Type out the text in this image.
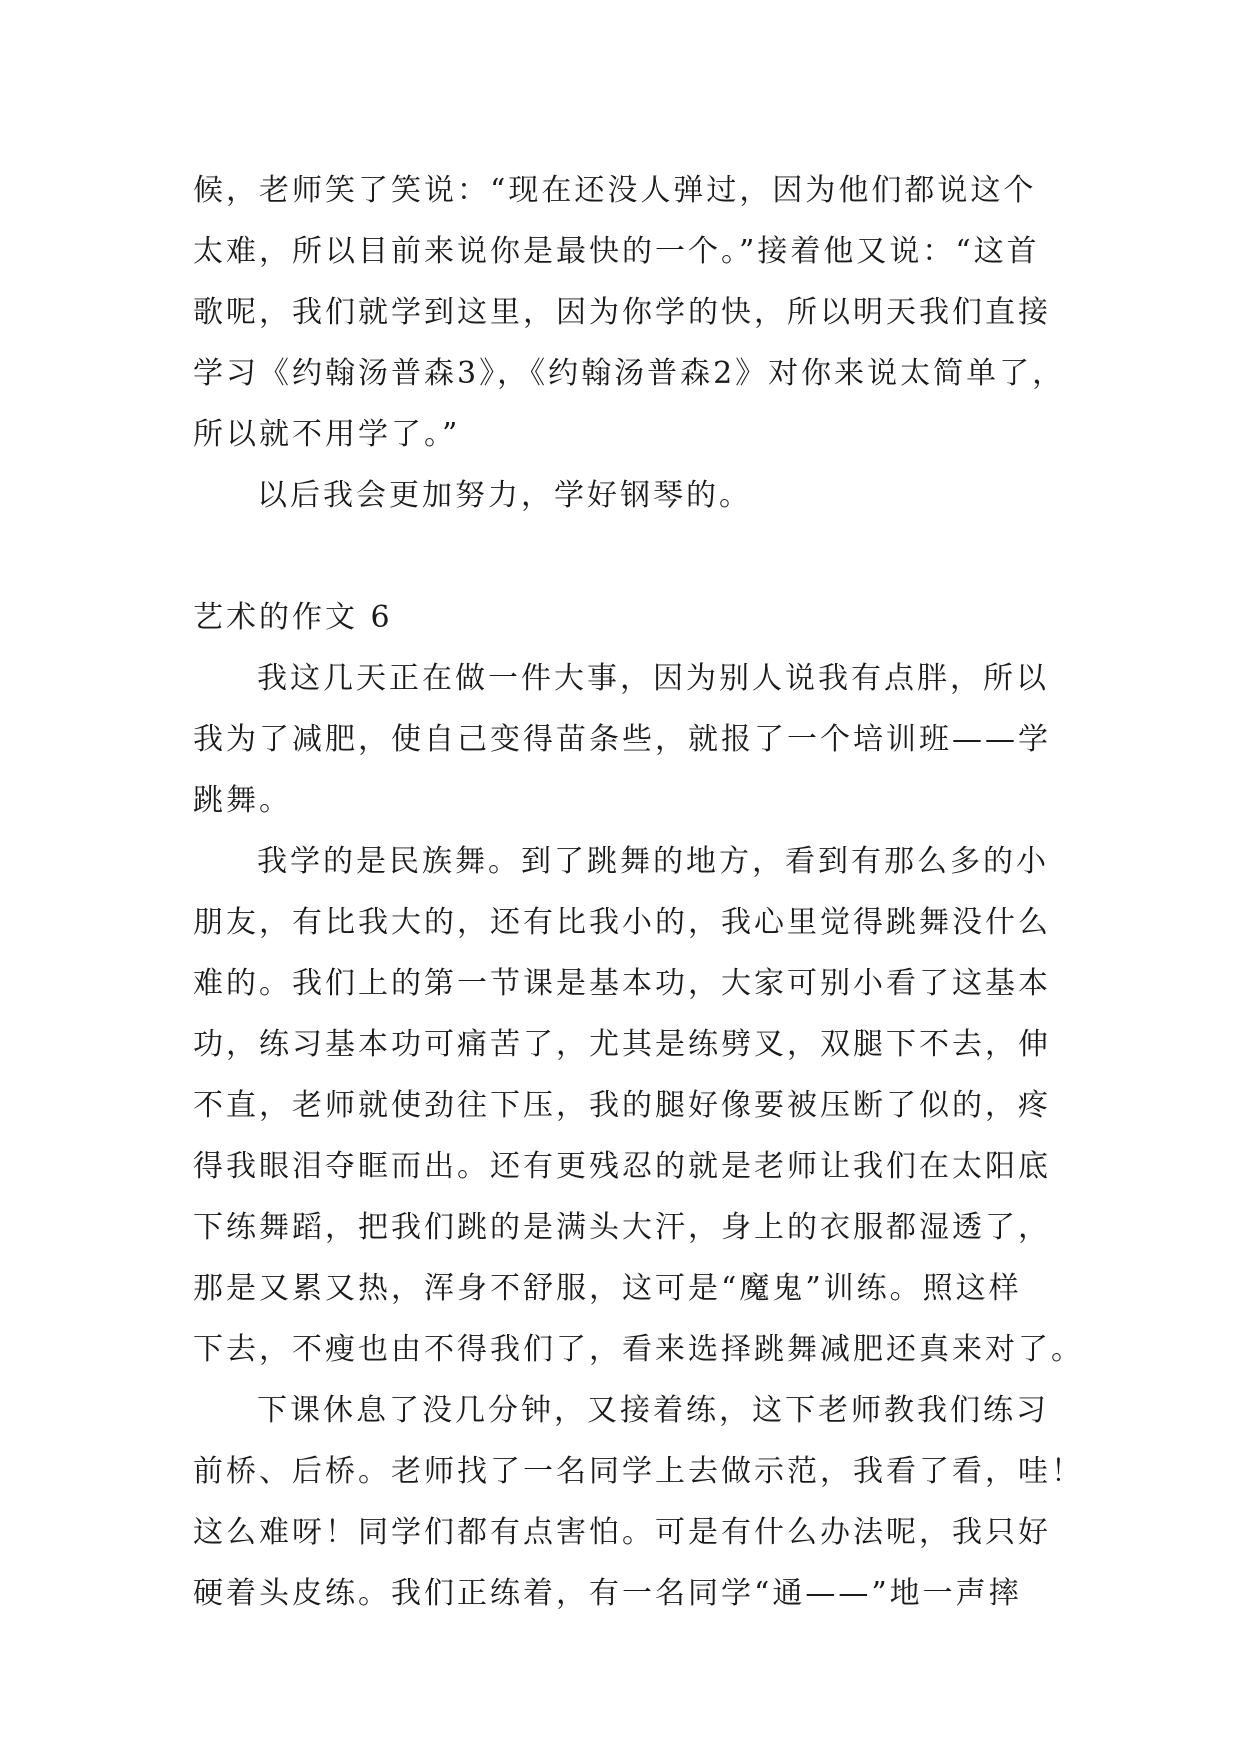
候，老师笑了笑说：“现在还没人弹过，因为他们都说这个
太难，所以目前来说你是最快的一个。”接着他又说：“这首
歌呢，我们就学到这里，因为你学的快，所以明天我们直接
学习《约翰汤普森3》，《约翰汤普森2》对你来说太简单了，
所以就不用学了。”
以后我会更加努力，学好钢琴的。
艺术的作文 6
我这几天正在做一件大事，因为别人说我有点胖，所以
我为了减肥，使自己变得苗条些，就报了一个培训班——学
跳舞。
我学的是民族舞。到了跳舞的地方，看到有那么多的小
朋友，有比我大的，还有比我小的，我心里觉得跳舞没什么
难的。我们上的第一节课是基本功，大家可别小看了这基本
功，练习基本功可痛苦了，尤其是练劈叉，双腿下不去，伸
不直，老师就使劲往下压，我的腿好像要被压断了似的，疼
得我眼泪夺眶而出。还有更残忍的就是老师让我们在太阳底
下练舞蹈，把我们跳的是满头大汗，身上的衣服都湿透了，
那是又累又热，浑身不舒服，这可是“魔鬼”训练。照这样
下去，不瘦也由不得我们了，看来选择跳舞减肥还真来对了。
下课休息了没几分钟，又接着练，这下老师教我们练习
前桥、后桥。老师找了一名同学上去做示范，我看了看，哇！
这么难呀！同学们都有点害怕。可是有什么办法呢，我只好
硬着头皮练。我们正练着，有一名同学“通——”地一声摔
